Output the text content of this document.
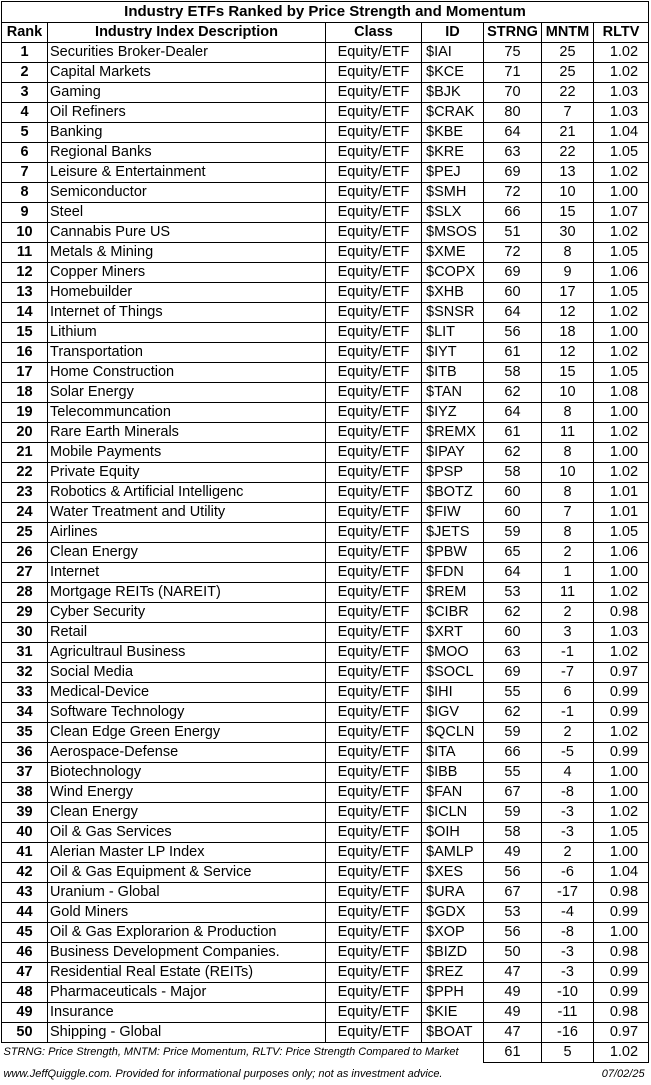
Industry ETFs Ranked by Price Strength and Momentum						
Rank	Industry Index Description	Class	ID	STRNG	MNTM	RLTV
1	Securities Broker-Dealer	Equity/ETF	$IAI	75	25	1.02
2	Capital Markets	Equity/ETF	$KCE	71	25	1.02
3	Gaming	Equity/ETF	$BJK	70	22	1.03
4	Oil Refiners	Equity/ETF	$CRAK	80	7	1.03
5	Banking	Equity/ETF	$KBE	64	21	1.04
6	Regional Banks	Equity/ETF	$KRE	63	22	1.05
7	Leisure & Entertainment	Equity/ETF	$PEJ	69	13	1.02
8	Semiconductor	Equity/ETF	$SMH	72	10	1.00
9	Steel	Equity/ETF	$SLX	66	15	1.07
10	Cannabis Pure US	Equity/ETF	$MSOS	51	30	1.02
11	Metals & Mining	Equity/ETF	$XME	72	8	1.05
12	Copper Miners	Equity/ETF	$COPX	69	9	1.06
13	Homebuilder	Equity/ETF	$XHB	60	17	1.05
14	Internet of Things	Equity/ETF	$SNSR	64	12	1.02
15	Lithium	Equity/ETF	$LIT	56	18	1.00
16	Transportation	Equity/ETF	$IYT	61	12	1.02
17	Home Construction	Equity/ETF	$ITB	58	15	1.05
18	Solar Energy	Equity/ETF	$TAN	62	10	1.08
19	Telecommuncation	Equity/ETF	$IYZ	64	8	1.00
20	Rare Earth Minerals	Equity/ETF	$REMX	61	11	1.02
21	Mobile Payments	Equity/ETF	$IPAY	62	8	1.00
22	Private Equity	Equity/ETF	$PSP	58	10	1.02
23	Robotics & Artificial Intelligenc	Equity/ETF	$BOTZ	60	8	1.01
24	Water Treatment and Utility	Equity/ETF	$FIW	60	7	1.01
25	Airlines	Equity/ETF	$JETS	59	8	1.05
26	Clean Energy	Equity/ETF	$PBW	65	2	1.06
27	Internet	Equity/ETF	$FDN	64	1	1.00
28	Mortgage REITs (NAREIT)	Equity/ETF	$REM	53	11	1.02
29	Cyber Security	Equity/ETF	$CIBR	62	2	0.98
30	Retail	Equity/ETF	$XRT	60	3	1.03
31	Agricultraul Business	Equity/ETF	$MOO	63	-1	1.02
32	Social Media	Equity/ETF	$SOCL	69	-7	0.97
33	Medical-Device	Equity/ETF	$IHI	55	6	0.99
34	Software Technology	Equity/ETF	$IGV	62	-1	0.99
35	Clean Edge Green Energy	Equity/ETF	$QCLN	59	2	1.02
36	Aerospace-Defense	Equity/ETF	$ITA	66	-5	0.99
37	Biotechnology	Equity/ETF	$IBB	55	4	1.00
38	Wind Energy	Equity/ETF	$FAN	67	-8	1.00
39	Clean Energy	Equity/ETF	$ICLN	59	-3	1.02
40	Oil & Gas Services	Equity/ETF	$OIH	58	-3	1.05
41	Alerian Master LP Index	Equity/ETF	$AMLP	49	2	1.00
42	Oil & Gas Equipment & Service	Equity/ETF	$XES	56	-6	1.04
43	Uranium - Global	Equity/ETF	$URA	67	-17	0.98
44	Gold Miners	Equity/ETF	$GDX	53	-4	0.99
45	Oil & Gas Explorarion & Production	Equity/ETF	$XOP	56	-8	1.00
46	Business Development Companies.	Equity/ETF	$BIZD	50	-3	0.98
47	Residential Real Estate (REITs)	Equity/ETF	$REZ	47	-3	0.99
48	Pharmaceuticals - Major	Equity/ETF	$PPH	49	-10	0.99
49	Insurance	Equity/ETF	$KIE	49	-11	0.98
50	Shipping - Global	Equity/ETF	$BOAT	47	-16	0.97
STRNG: Price Strength, MNTM: Price Momentum, RLTV: Price Strength Compared to Market				61	5	1.02
www.JeffQuiggle.com. Provided for informational purposes only; not as investment advice.					07/02/25	
